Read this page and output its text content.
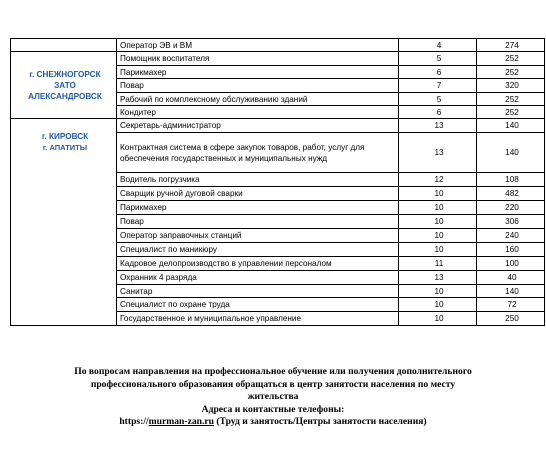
	Оператор ЭВ и ВМ	4	274

г. СНЕЖНОГОРСК
ЗАТО
АЛЕКСАНДРОВСК	Помощник воспитателя	5	252
	Парикмахер	6	252
	Повар	7	320
	Рабочий по комплексному обслуживанию зданий	5	252
	Кондитер	6	252

г. КИРОВСК
г. АПАТИТЫ	Секретарь-администратор	13	140
	Контрактная система в сфере закупок товаров, работ, услуг для обеспечения государственных и муниципальных нужд	13	140
	Водитель погрузчика	12	108
	Сварщик ручной дуговой сварки	10	482
	Парикмахер	10	220
	Повар	10	306
	Оператор заправочных станций	10	240
	Специалист по маникюру	10	160
	Кадровое делопроизводство в управлении персоналом	11	100
	Охранник 4 разряда	13	40
	Санитар	10	140
	Специалист по охране труда	10	72
	Государственное и муниципальное управление	10	250
По вопросам направления на профессиональное обучение или получения дополнительного
профессионального образования обращаться в центр занятости населения по месту
жительства
Адреса и контактные телефоны:
https://murman-zan.ru (Труд и занятость/Центры занятости населения)
